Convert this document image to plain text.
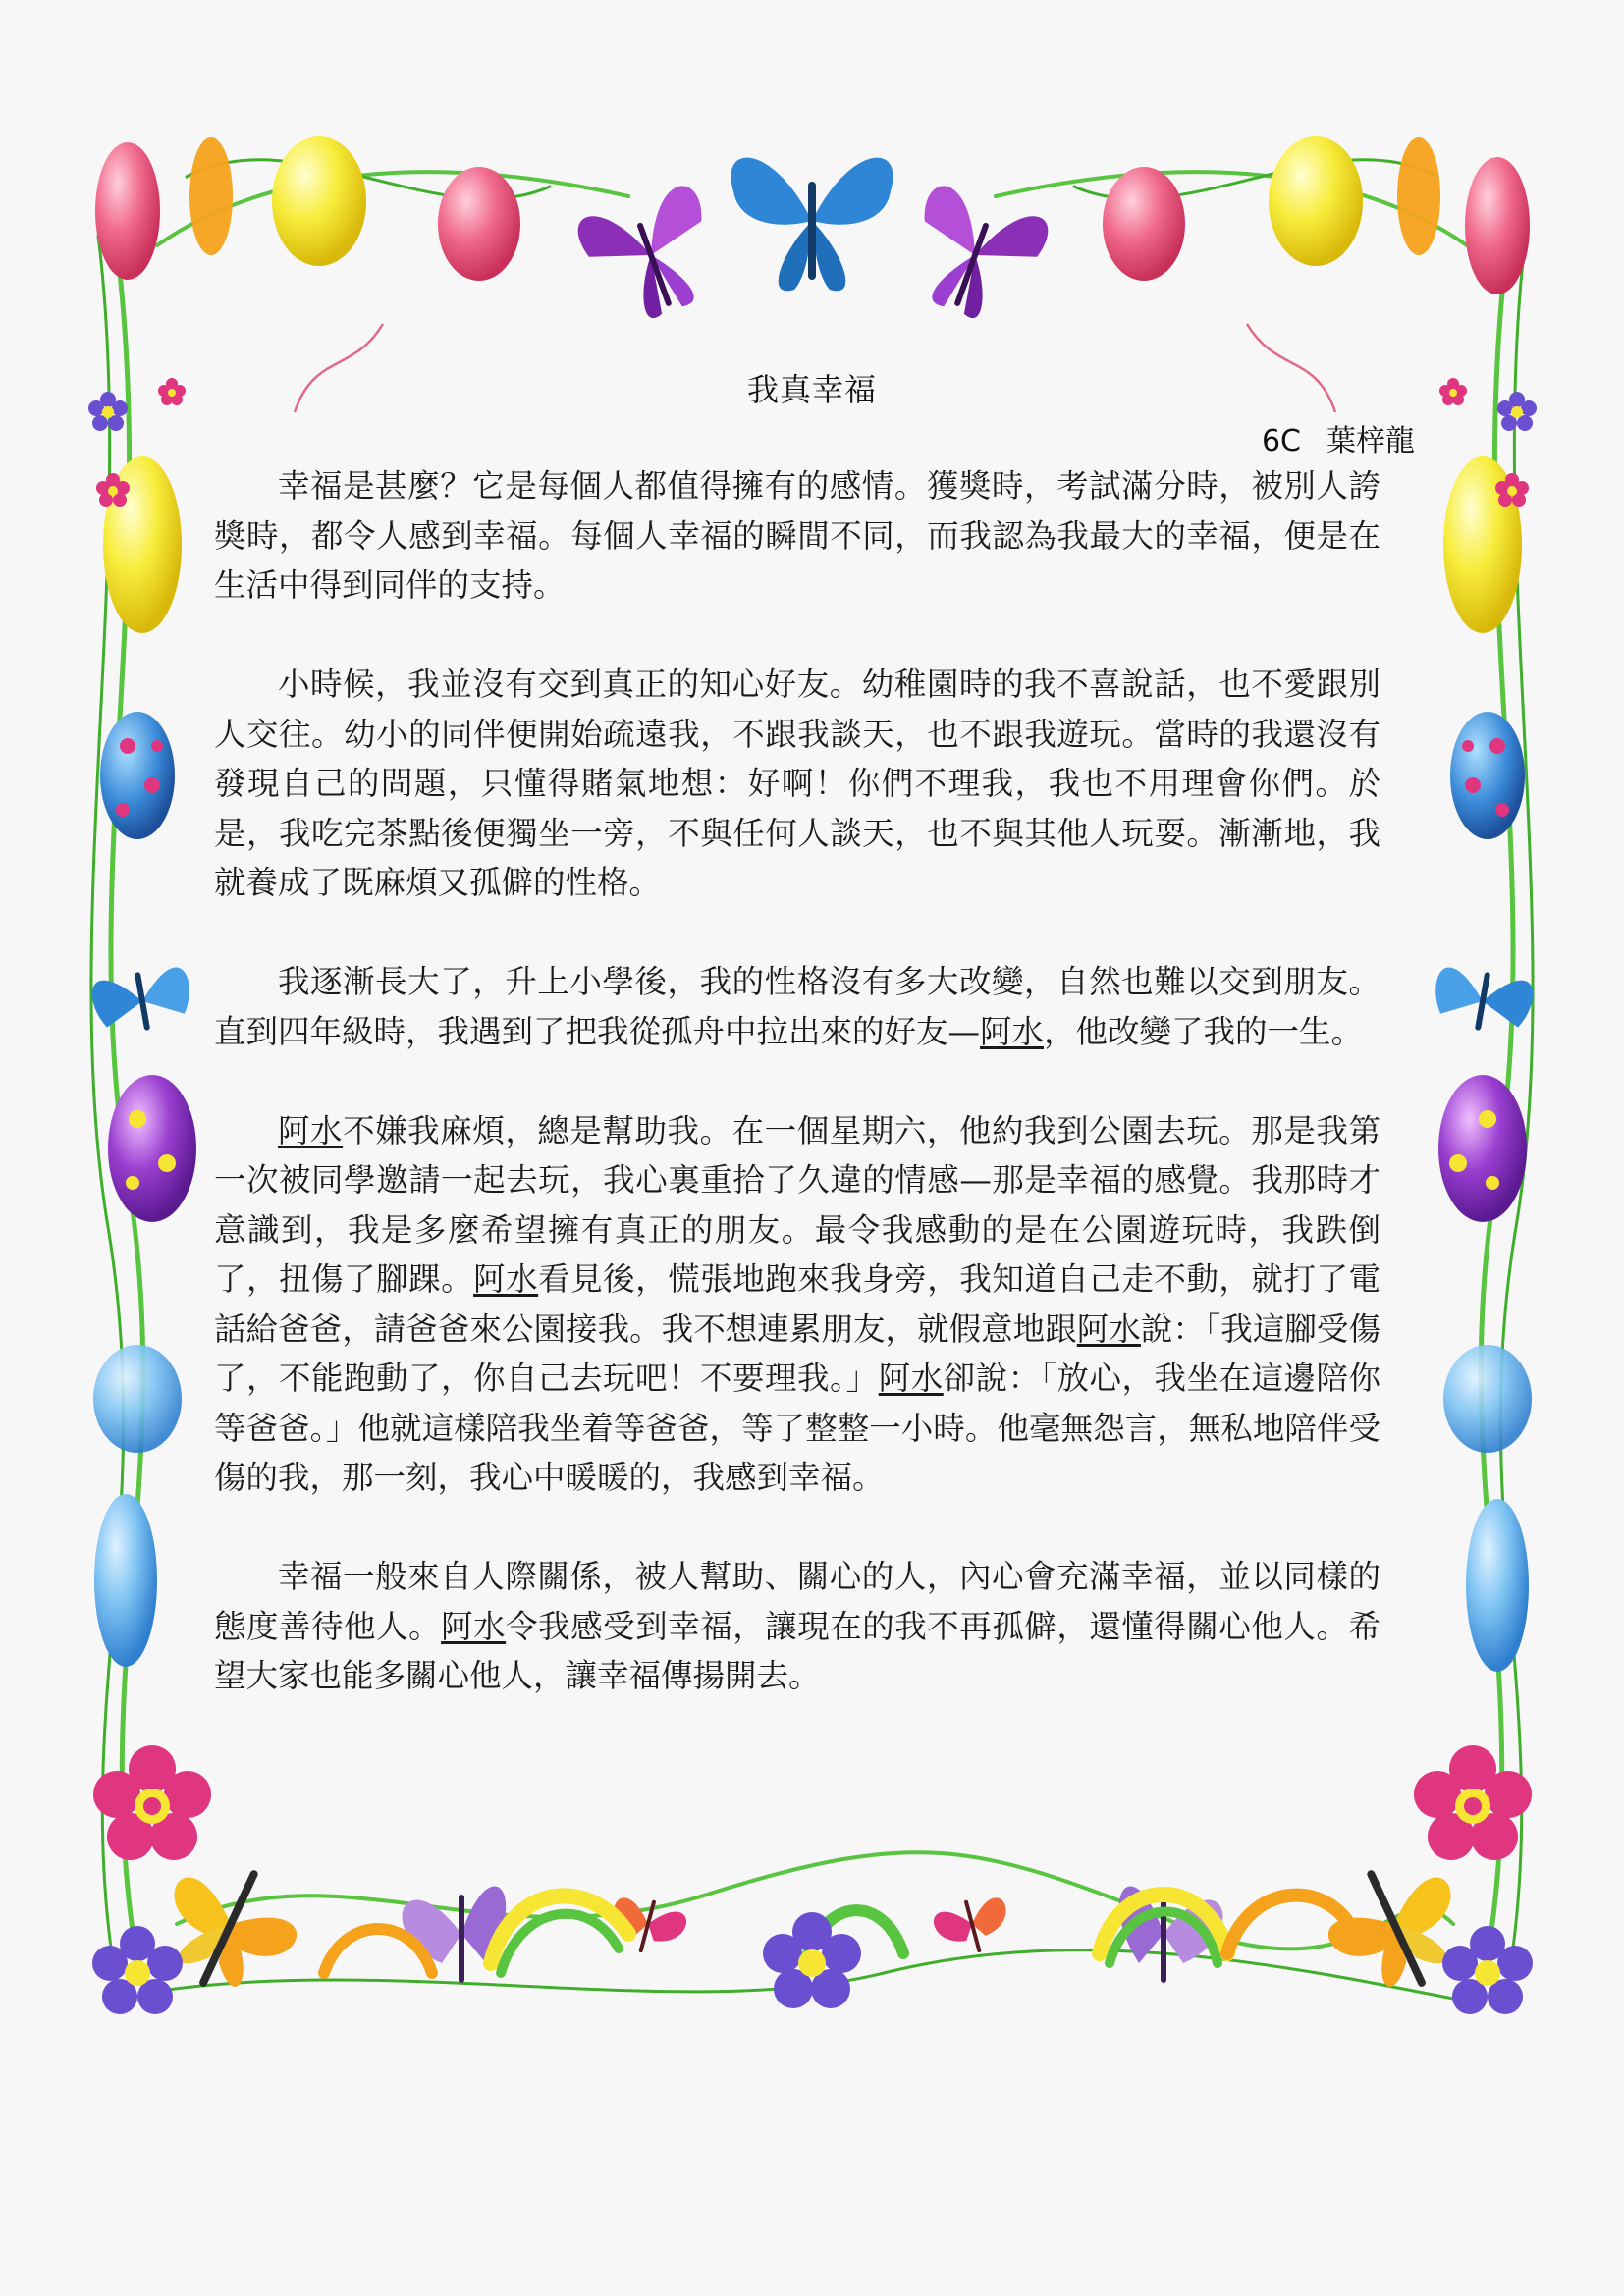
我真幸福
6C 葉梓龍

幸福是甚麼？它是每個人都值得擁有的感情。獲獎時，考試滿分時，被別人誇獎時，都令人感到幸福。每個人幸福的瞬間不同，而我認為我最大的幸福，便是在生活中得到同伴的支持。

小時候，我並沒有交到真正的知心好友。幼稚園時的我不喜說話，也不愛跟別人交往。幼小的同伴便開始疏遠我，不跟我談天，也不跟我遊玩。當時的我還沒有發現自己的問題，只懂得賭氣地想：好啊！你們不理我，我也不用理會你們。於是，我吃完茶點後便獨坐一旁，不與任何人談天，也不與其他人玩耍。漸漸地，我就養成了既麻煩又孤僻的性格。

我逐漸長大了，升上小學後，我的性格沒有多大改變，自然也難以交到朋友。直到四年級時，我遇到了把我從孤舟中拉出來的好友—阿水，他改變了我的一生。

阿水不嫌我麻煩，總是幫助我。在一個星期六，他約我到公園去玩。那是我第一次被同學邀請一起去玩，我心裏重拾了久違的情感—那是幸福的感覺。我那時才意識到，我是多麼希望擁有真正的朋友。最令我感動的是在公園遊玩時，我跌倒了，扭傷了腳踝。阿水看見後，慌張地跑來我身旁，我知道自己走不動，就打了電話給爸爸，請爸爸來公園接我。我不想連累朋友，就假意地跟阿水說：「我這腳受傷了，不能跑動了，你自己去玩吧！不要理我。」阿水卻說：「放心，我坐在這邊陪你等爸爸。」他就這樣陪我坐着等爸爸，等了整整一小時。他毫無怨言，無私地陪伴受傷的我，那一刻，我心中暖暖的，我感到幸福。

幸福一般來自人際關係，被人幫助、關心的人，內心會充滿幸福，並以同樣的態度善待他人。阿水令我感受到幸福，讓現在的我不再孤僻，還懂得關心他人。希望大家也能多關心他人，讓幸福傳揚開去。
